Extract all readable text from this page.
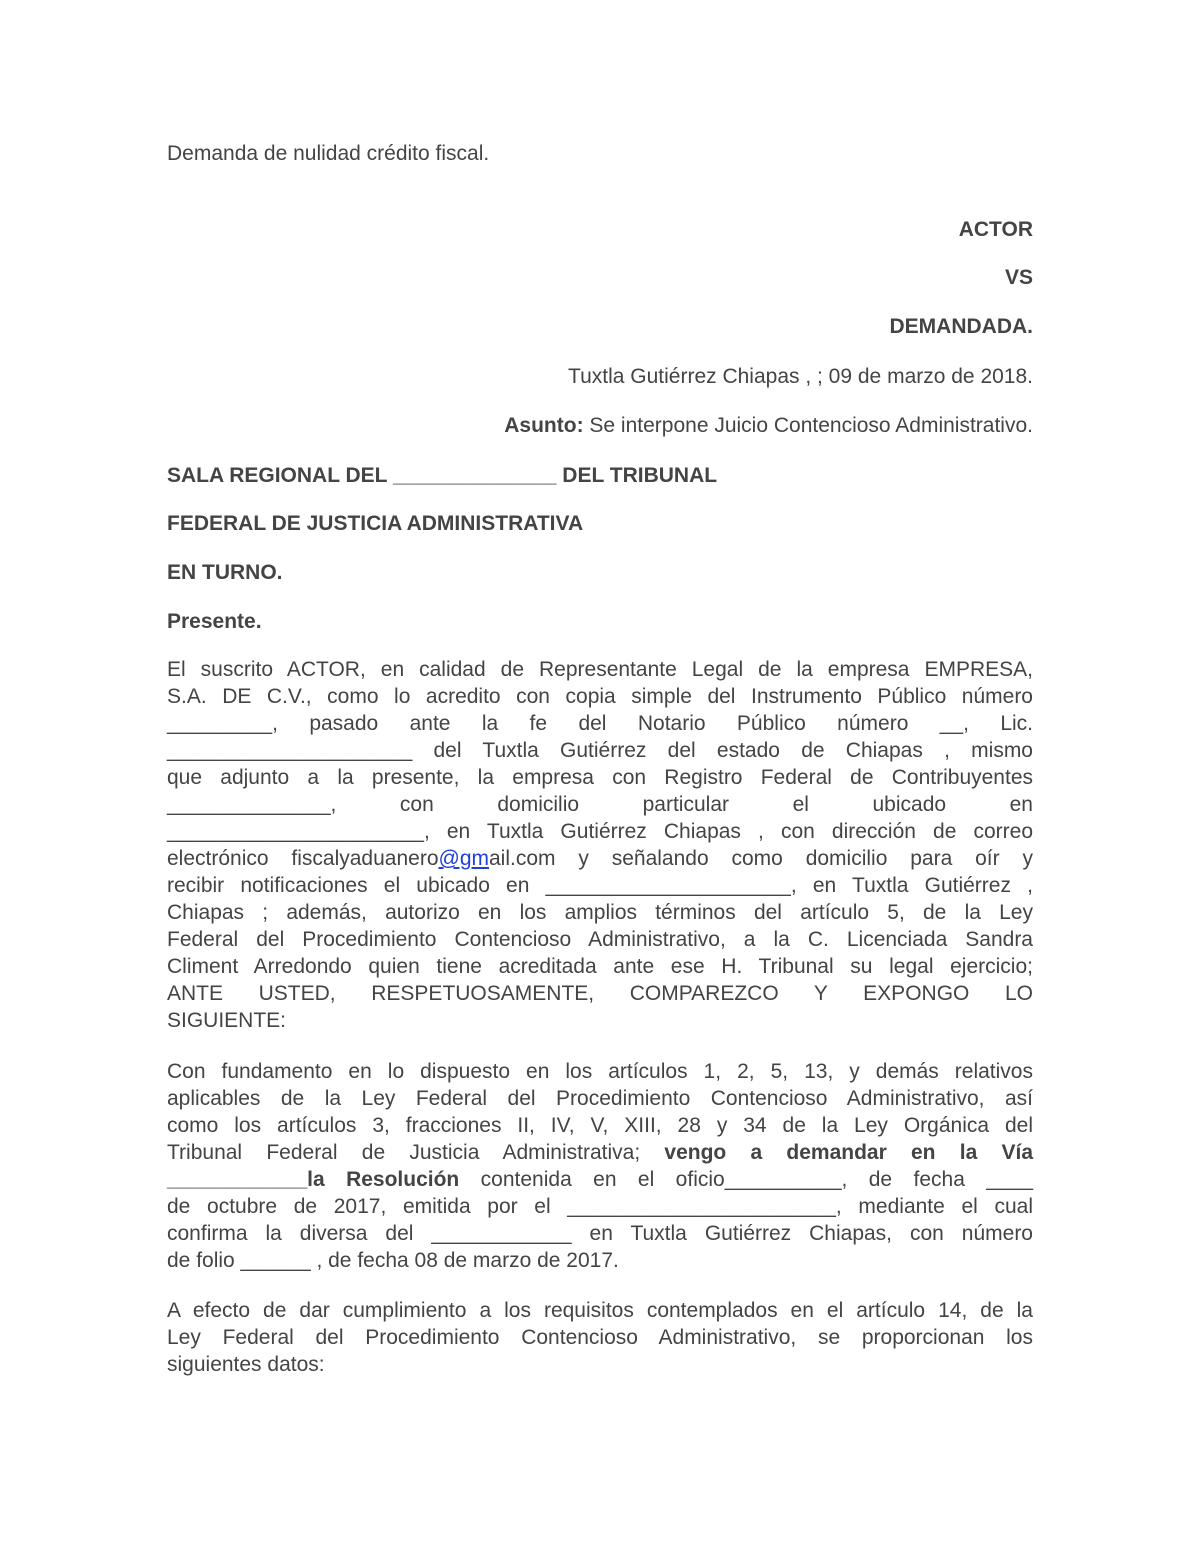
Demanda de nulidad crédito fiscal.
ACTOR
VS
DEMANDADA.
Tuxtla Gutiérrez Chiapas , ; 09 de marzo de 2018.
Asunto: Se interpone Juicio Contencioso Administrativo.
SALA REGIONAL DEL ______________ DEL TRIBUNAL
FEDERAL DE JUSTICIA ADMINISTRATIVA
EN TURNO.
Presente.
El suscrito ACTOR, en calidad de Representante Legal de la empresa EMPRESA,
S.A. DE C.V., como lo acredito con copia simple del Instrumento Público número
_________, pasado ante la fe del Notario Público número __, Lic.
_____________________ del Tuxtla Gutiérrez del estado de Chiapas , mismo
que adjunto a la presente, la empresa con Registro Federal de Contribuyentes
______________, con domicilio particular el ubicado en
______________________, en Tuxtla Gutiérrez Chiapas , con dirección de correo
electrónico fiscalyaduanero@gmail.com y señalando como domicilio para oír y
recibir notificaciones el ubicado en _____________________, en Tuxtla Gutiérrez ,
Chiapas ; además, autorizo en los amplios términos del artículo 5, de la Ley
Federal del Procedimiento Contencioso Administrativo, a la C. Licenciada Sandra
Climent Arredondo quien tiene acreditada ante ese H. Tribunal su legal ejercicio;
ANTE USTED, RESPETUOSAMENTE, COMPAREZCO Y EXPONGO LO
SIGUIENTE:
Con fundamento en lo dispuesto en los artículos 1, 2, 5, 13, y demás relativos
aplicables de la Ley Federal del Procedimiento Contencioso Administrativo, así
como los artículos 3, fracciones II, IV, V, XIII, 28 y 34 de la Ley Orgánica del
Tribunal Federal de Justicia Administrativa; vengo a demandar en la Vía
____________la Resolución contenida en el oficio__________, de fecha ____
de octubre de 2017, emitida por el _______________________, mediante el cual
confirma la diversa del ____________ en Tuxtla Gutiérrez Chiapas, con número
de folio ______ , de fecha 08 de marzo de 2017.
A efecto de dar cumplimiento a los requisitos contemplados en el artículo 14, de la
Ley Federal del Procedimiento Contencioso Administrativo, se proporcionan los
siguientes datos:
